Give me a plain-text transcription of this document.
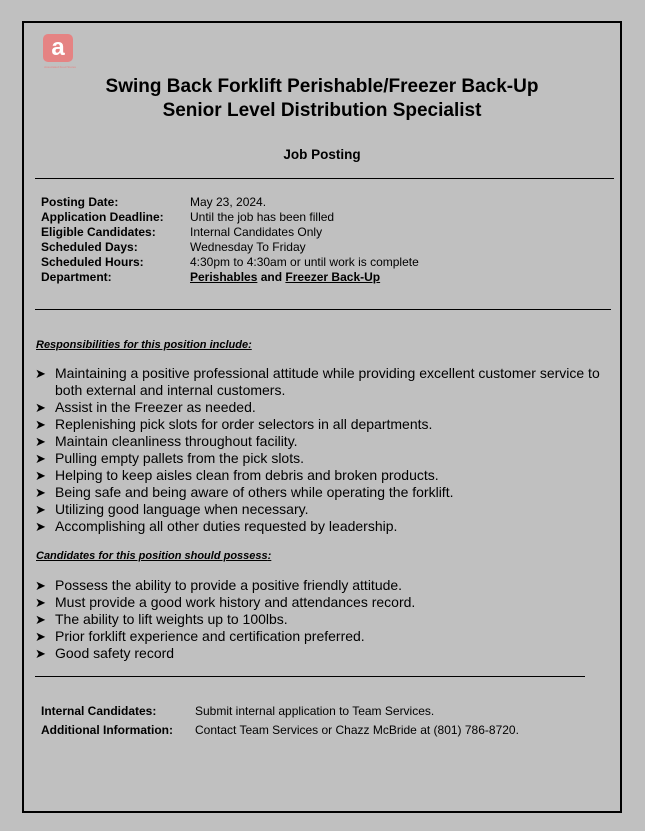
a
Associated Food Stores
Swing Back Forklift Perishable/Freezer Back-Up
Senior Level Distribution Specialist
Job Posting
Posting Date:	May 23, 2024.
Application Deadline:	Until the job has been filled
Eligible Candidates:	Internal Candidates Only
Scheduled Days:	Wednesday To Friday
Scheduled Hours:	4:30pm to 4:30am or until work is complete
Department:	Perishables and Freezer Back-Up
Responsibilities for this position include:
➤ Maintaining a positive professional attitude while providing excellent customer service to both external and internal customers.
➤ Assist in the Freezer as needed.
➤ Replenishing pick slots for order selectors in all departments.
➤ Maintain cleanliness throughout facility.
➤ Pulling empty pallets from the pick slots.
➤ Helping to keep aisles clean from debris and broken products.
➤ Being safe and being aware of others while operating the forklift.
➤ Utilizing good language when necessary.
➤ Accomplishing all other duties requested by leadership.
Candidates for this position should possess:
➤ Possess the ability to provide a positive friendly attitude.
➤ Must provide a good work history and attendances record.
➤ The ability to lift weights up to 100lbs.
➤ Prior forklift experience and certification preferred.
➤ Good safety record
Internal Candidates:	Submit internal application to Team Services.
Additional Information:	Contact Team Services or Chazz McBride at (801) 786-8720.
